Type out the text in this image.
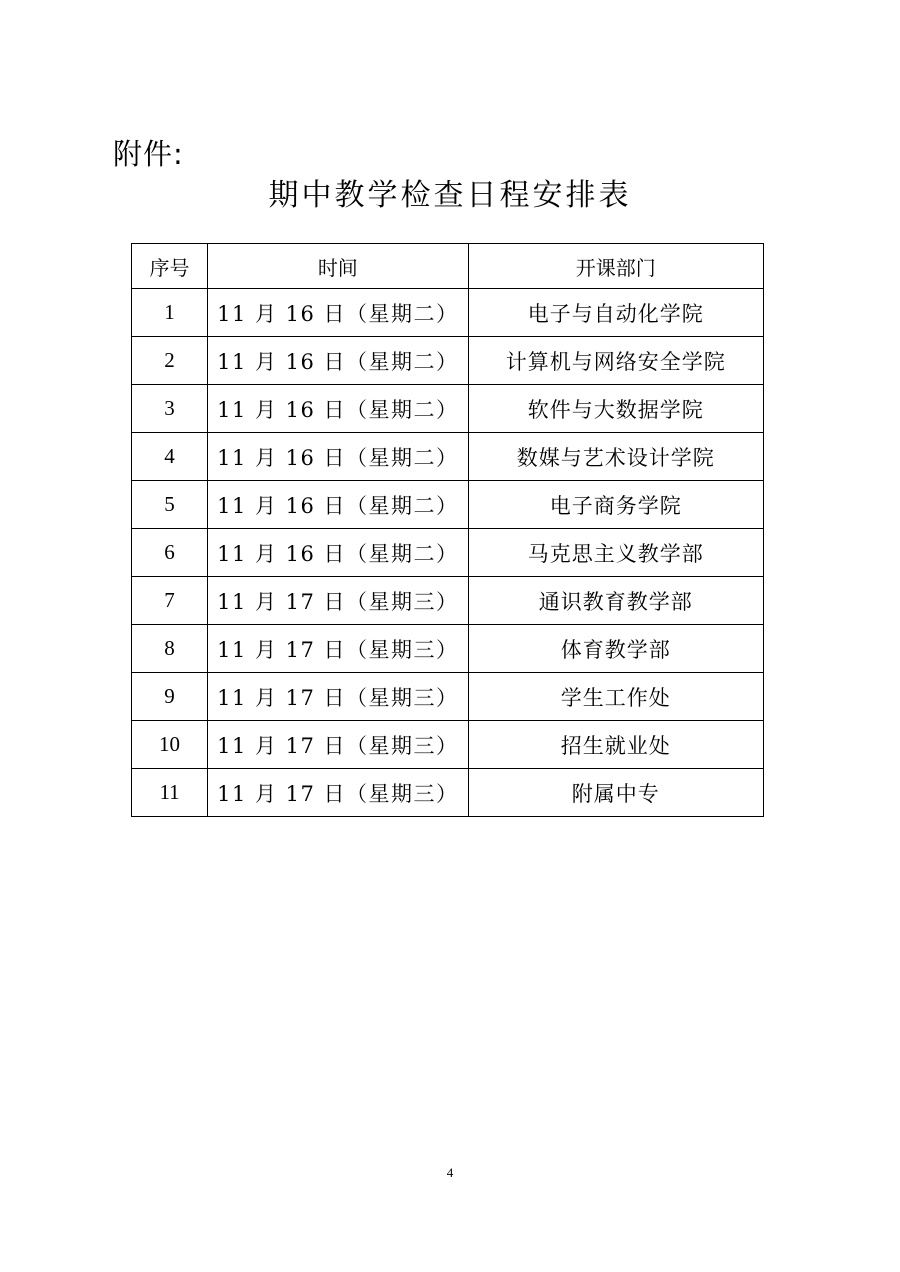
附件:
期中教学检查日程安排表
序号	时间	开课部门
1	11 月 16 日（星期二）	电子与自动化学院
2	11 月 16 日（星期二）	计算机与网络安全学院
3	11 月 16 日（星期二）	软件与大数据学院
4	11 月 16 日（星期二）	数媒与艺术设计学院
5	11 月 16 日（星期二）	电子商务学院
6	11 月 16 日（星期二）	马克思主义教学部
7	11 月 17 日（星期三）	通识教育教学部
8	11 月 17 日（星期三）	体育教学部
9	11 月 17 日（星期三）	学生工作处
10	11 月 17 日（星期三）	招生就业处
11	11 月 17 日（星期三）	附属中专
4
